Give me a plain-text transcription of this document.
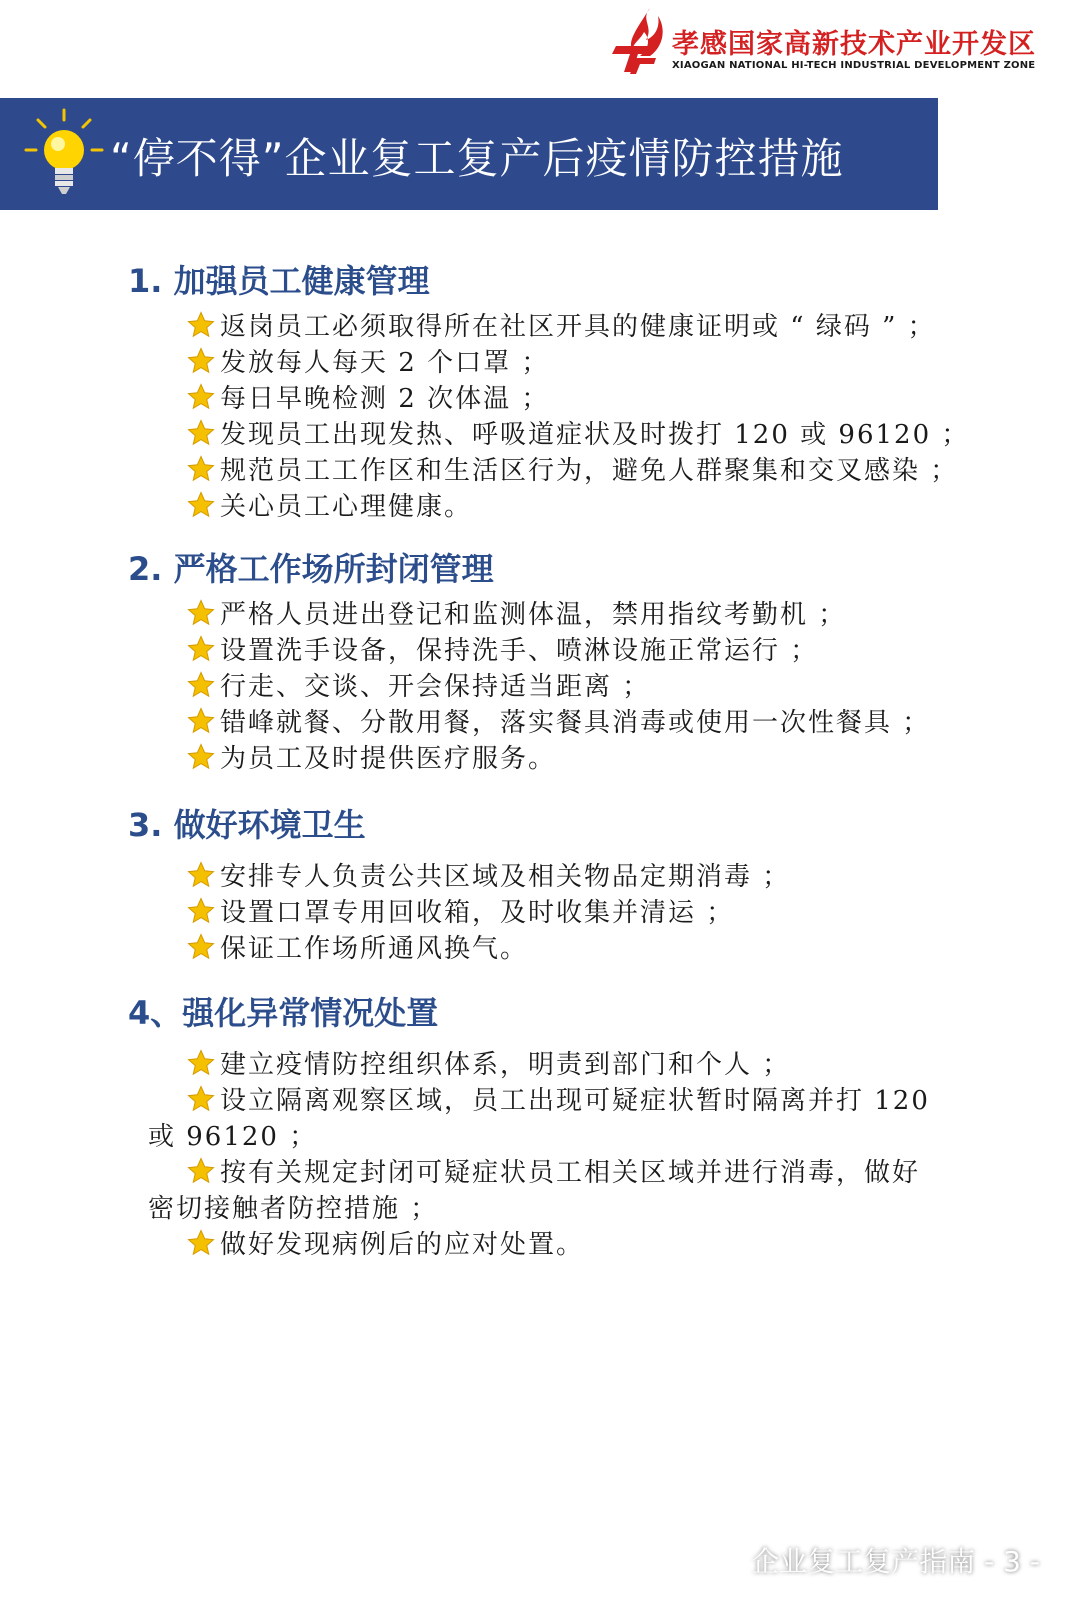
孝感国家高新技术产业开发区
XIAOGAN NATIONAL HI-TECH INDUSTRIAL DEVELOPMENT ZONE
“停不得”企业复工复产后疫情防控措施
1. 加强员工健康管理
返岗员工必须取得所在社区开具的健康证明或 “ 绿码 ” ；
发放每人每天 2 个口罩 ；
每日早晚检测 2 次体温 ；
发现员工出现发热、呼吸道症状及时拨打 120 或 96120 ；
规范员工工作区和生活区行为，避免人群聚集和交叉感染 ；
关心员工心理健康。
2. 严格工作场所封闭管理
严格人员进出登记和监测体温，禁用指纹考勤机 ；
设置洗手设备，保持洗手、喷淋设施正常运行 ；
行走、交谈、开会保持适当距离 ；
错峰就餐、分散用餐，落实餐具消毒或使用一次性餐具 ；
为员工及时提供医疗服务。
3. 做好环境卫生
安排专人负责公共区域及相关物品定期消毒 ；
设置口罩专用回收箱，及时收集并清运 ；
保证工作场所通风换气。
4、强化异常情况处置
建立疫情防控组织体系，明责到部门和个人 ；
设立隔离观察区域，员工出现可疑症状暂时隔离并打 120
或 96120 ；
按有关规定封闭可疑症状员工相关区域并进行消毒，做好
密切接触者防控措施 ；
做好发现病例后的应对处置。
企业复工复产指南 - 3 -
